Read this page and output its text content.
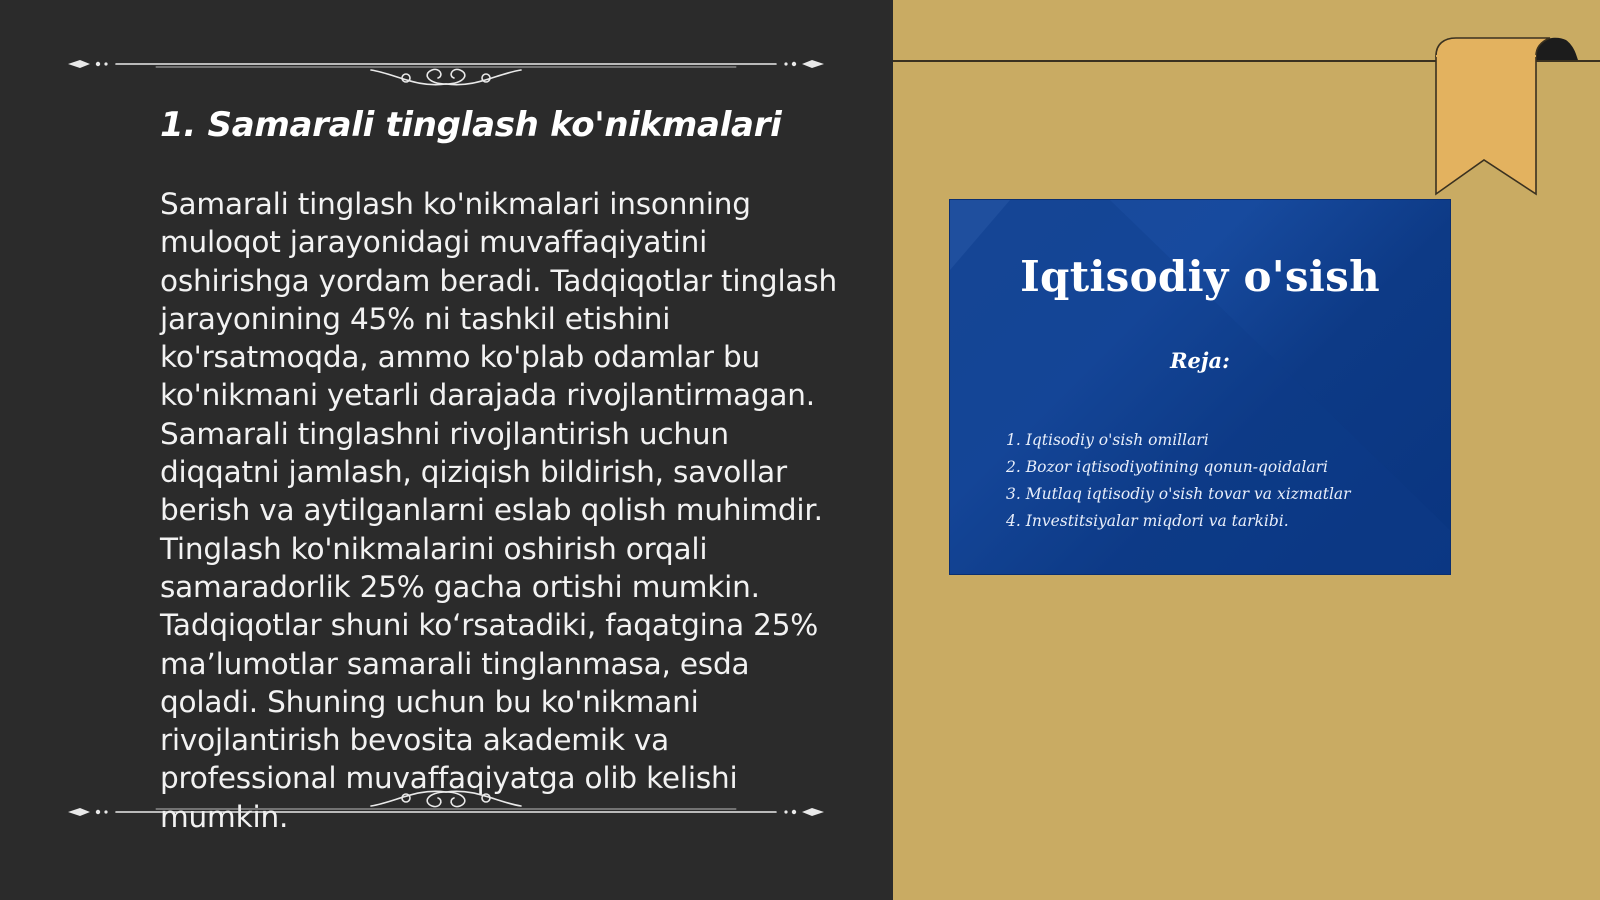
1. Samarali tinglash ko'nikmalari

Samarali tinglash ko'nikmalari insonning muloqot jarayonidagi muvaffaqiyatini oshirishga yordam beradi. Tadqiqotlar tinglash jarayonining 45% ni tashkil etishini ko'rsatmoqda, ammo ko'plab odamlar bu ko'nikmani yetarli darajada rivojlantirmagan. Samarali tinglashni rivojlantirish uchun diqqatni jamlash, qiziqish bildirish, savollar berish va aytilganlarni eslab qolish muhimdir. Tinglash ko'nikmalarini oshirish orqali samaradorlik 25% gacha ortishi mumkin. Tadqiqotlar shuni ko‘rsatadiki, faqatgina 25% ma’lumotlar samarali tinglanmasa, esda qoladi. Shuning uchun bu ko'nikmani rivojlantirish bevosita akademik va professional muvaffaqiyatga olib kelishi mumkin.

Iqtisodiy o'sish
Reja:
1. Iqtisodiy o'sish omillari
2. Bozor iqtisodiyotining qonun-qoidalari
3. Mutlaq iqtisodiy o'sish tovar va xizmatlar
4. Investitsiyalar miqdori va tarkibi.
